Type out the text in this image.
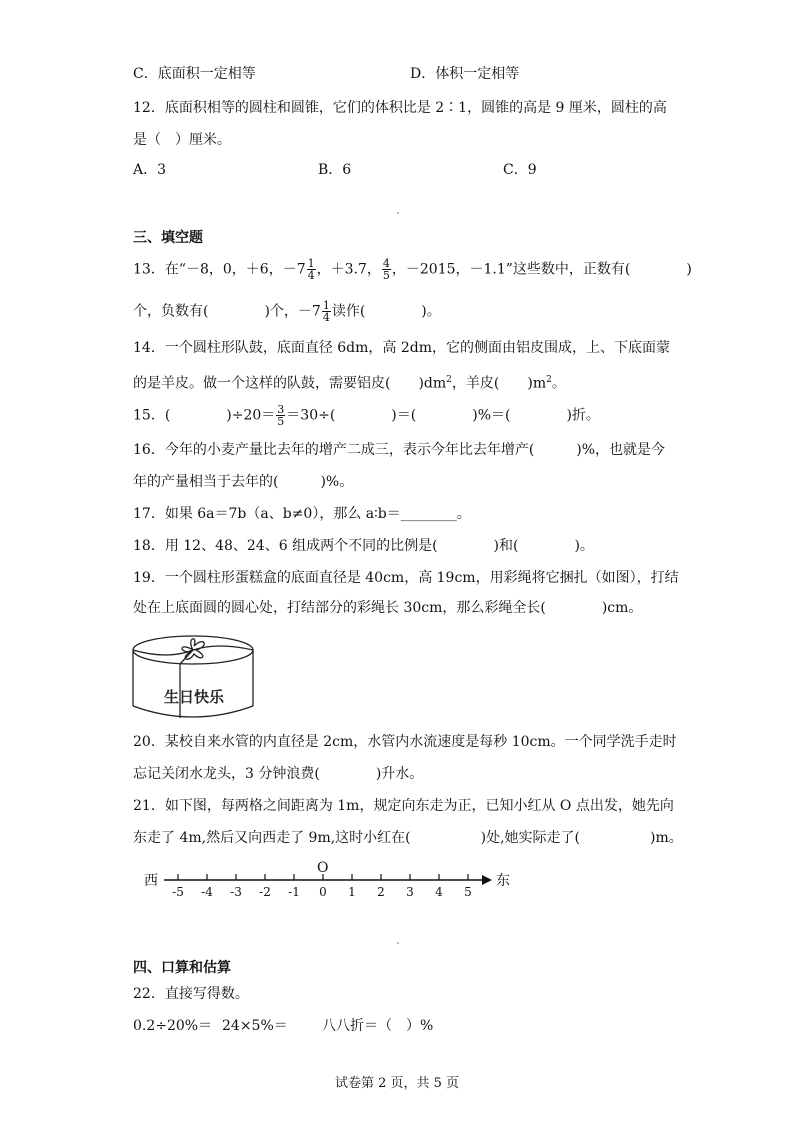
C．底面积一定相等	D．体积一定相等
12．底面积相等的圆柱和圆锥，它们的体积比是 2∶1，圆锥的高是 9 厘米，圆柱的高
是（　）厘米。
A．3	B．6	C．9
三、填空题
13．在“－8，0，＋6，$-7 \frac{1}{4}$ ，＋3.7， $\frac{4}{5}$ ，－2015，－1.1”这些数中，正数有(　　　　)
个，负数有(　　　　)个，$-7 \frac{1}{4}$ 读作(　　　　)。
14．一个圆柱形队鼓，底面直径 6dm，高 2dm，它的侧面由铝皮围成，上、下底面蒙
的是羊皮。做一个这样的队鼓，需要铝皮(　　)$dm^2$，羊皮(　　)$m^2$。
15．(　　　　)$\div 20= \frac{3}{5} =30\div$(　　　　)＝(　　　　)%＝(　　　　)折。
16．今年的小麦产量比去年的增产二成三，表示今年比去年增产(　　　)%，也就是今
年的产量相当于去年的(　　　)%。
17．如果 6a＝7b（a、b≠0），那么 a∶b＝________。
18．用 12、48、24、6 组成两个不同的比例是(　　　　)和(　　　　)。
19．一个圆柱形蛋糕盒的底面直径是 40cm，高 19cm，用彩绳将它捆扎（如图），打结
处在上底面圆的圆心处，打结部分的彩绳长 30cm，那么彩绳全长(　　　　)cm。
生日快乐
20．某校自来水管的内直径是 2cm，水管内水流速度是每秒 10cm。一个同学洗手走时
忘记关闭水龙头，3 分钟浪费(　　　　)升水。
21．如下图，每两格之间距离为 1m，规定向东走为正，已知小红从 O 点出发，她先向
东走了 4m,然后又向西走了 9m,这时小红在(　　　　　)处,她实际走了(　　　　　)m。
西	东
O
-5 -4 -3 -2 -1 0 1 2 3 4 5
四、口算和估算
22．直接写得数。
0.2÷20%＝ 24×5%＝ 八八折＝（　）%
试卷第 2 页，共 5 页
